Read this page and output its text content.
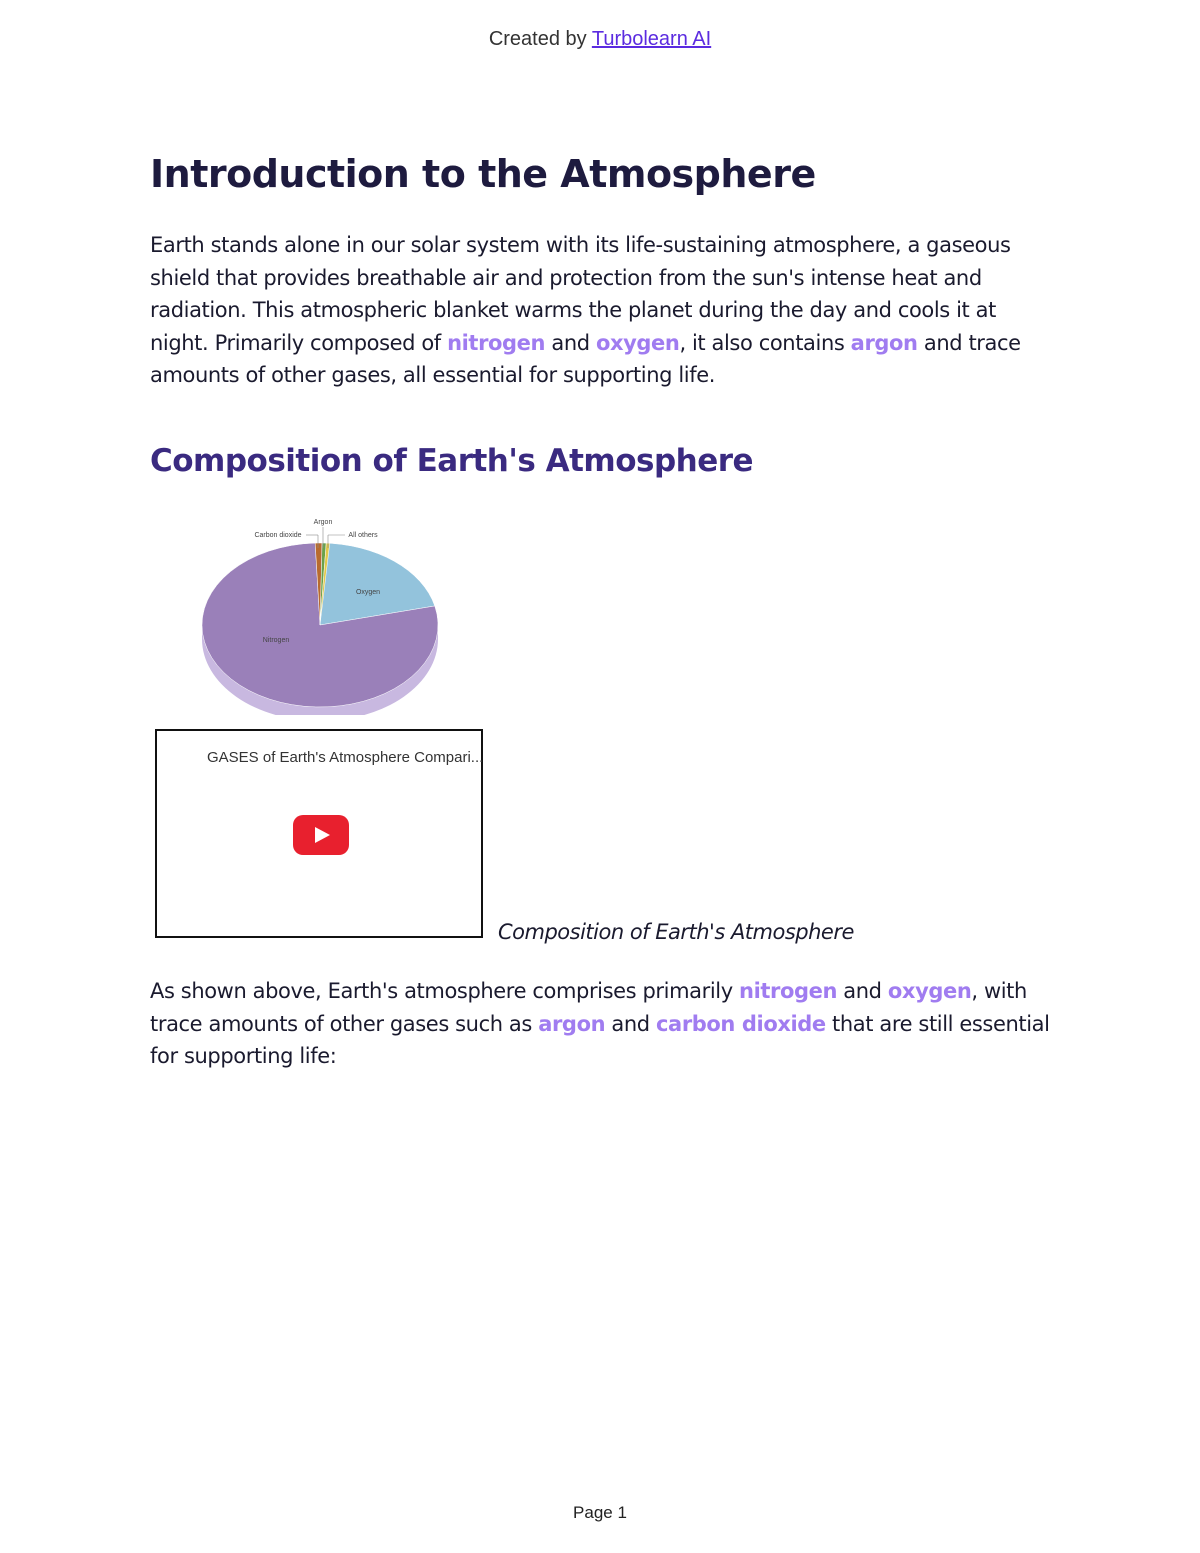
Created by Turbolearn AI
Introduction to the Atmosphere

Earth stands alone in our solar system with its life-sustaining atmosphere, a gaseous shield that provides breathable air and protection from the sun's intense heat and radiation. This atmospheric blanket warms the planet during the day and cools it at night. Primarily composed of nitrogen and oxygen, it also contains argon and trace amounts of other gases, all essential for supporting life.

Composition of Earth's Atmosphere

As shown above, Earth's atmosphere comprises primarily nitrogen and oxygen, with trace amounts of other gases such as argon and carbon dioxide that are still essential for supporting life:

Composition of Earth's Atmosphere
Nitrogen
Oxygen
Argon
Carbon dioxide	All others
GASES of Earth's Atmosphere Compari...
Page 1
